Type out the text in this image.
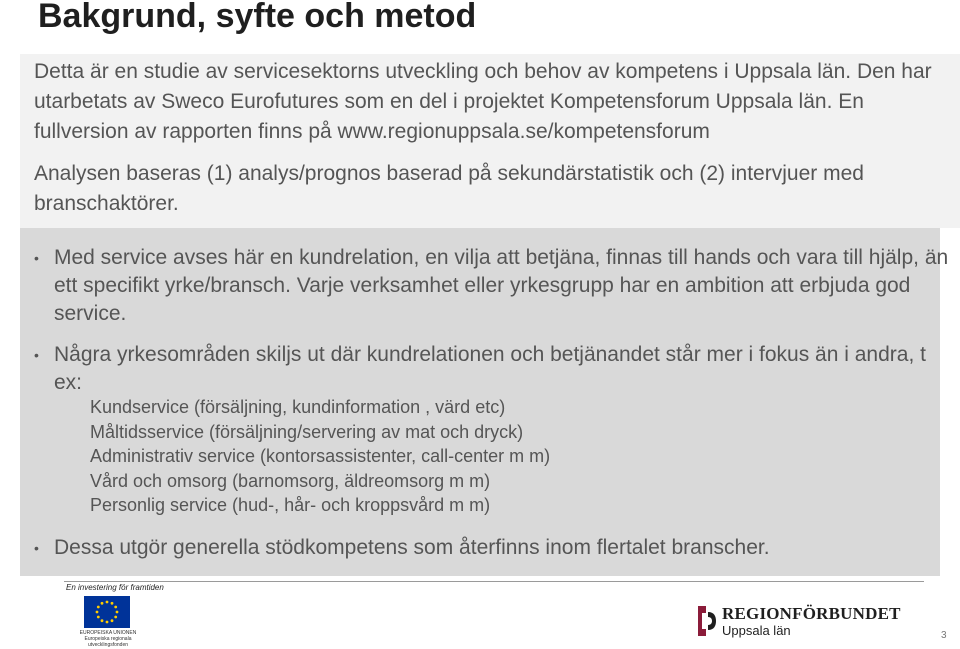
Bakgrund, syfte och metod

Detta är en studie av servicesektorns utveckling och behov av kompetens i Uppsala län. Den har utarbetats av Sweco Eurofutures som en del i projektet Kompetensforum Uppsala län. En fullversion av rapporten finns på www.regionuppsala.se/kompetensforum

Analysen baseras (1) analys/prognos baserad på sekundärstatistik och (2) intervjuer med branschaktörer.

• Med service avses här en kundrelation, en vilja att betjäna, finnas till hands och vara till hjälp, än ett specifikt yrke/bransch. Varje verksamhet eller yrkesgrupp har en ambition att erbjuda god service.
• Några yrkesområden skiljs ut där kundrelationen och betjänandet står mer i fokus än i andra, t ex:
Kundservice (försäljning, kundinformation , värd etc)
Måltidsservice (försäljning/servering av mat och dryck)
Administrativ service (kontorsassistenter, call-center m m)
Vård och omsorg (barnomsorg, äldreomsorg m m)
Personlig service (hud-, hår- och kroppsvård m m)
• Dessa utgör generella stödkompetens som återfinns inom flertalet branscher.
En investering för framtiden
EUROPEISKA UNIONEN Europeiska regionala utvecklingsfonden
REGIONFÖRBUNDET
Uppsala län	3
